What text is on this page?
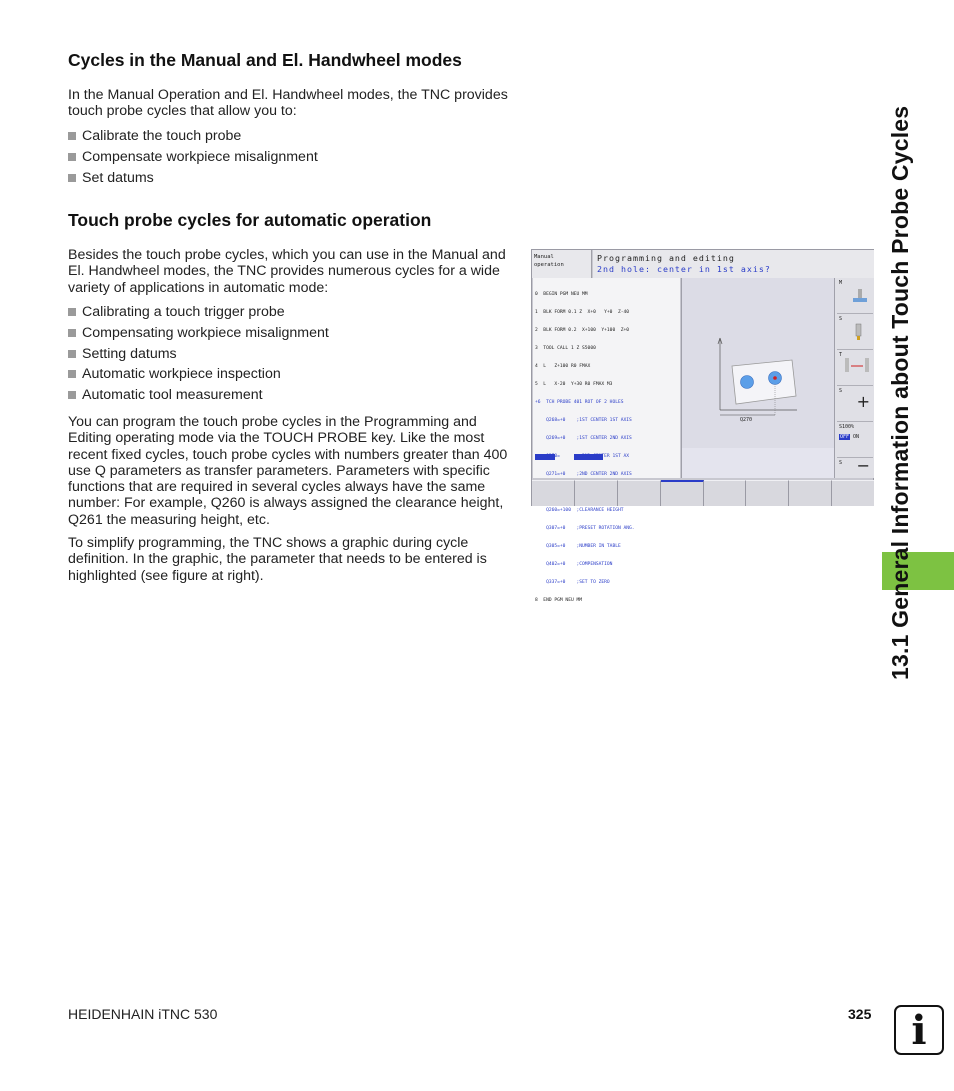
Cycles in the Manual and El. Handwheel modes
In the Manual Operation and El. Handwheel modes, the TNC provides
touch probe cycles that allow you to:
Calibrate the touch probe
Compensate workpiece misalignment
Set datums
Touch probe cycles for automatic operation
Besides the touch probe cycles, which you can use in the Manual and
El. Handwheel modes, the TNC provides numerous cycles for a wide
variety of applications in automatic mode:
Calibrating a touch trigger probe
Compensating workpiece misalignment
Setting datums
Automatic workpiece inspection
Automatic tool measurement
You can program the touch probe cycles in the Programming and
Editing operating mode via the TOUCH PROBE key. Like the most
recent fixed cycles, touch probe cycles with numbers greater than 400
use Q parameters as transfer parameters. Parameters with specific
functions that are required in several cycles always have the same
number: For example, Q260 is always assigned the clearance height,
Q261 the measuring height, etc.
To simplify programming, the TNC shows a graphic during cycle
definition. In the graphic, the parameter that needs to be entered is
highlighted (see figure at right).
Manual
operation
Programming and editing
2nd hole: center in 1st axis?

0  BEGIN PGM NEU MM

1  BLK FORM 0.1 Z  X+0   Y+0  Z-40

2  BLK FORM 0.2  X+100  Y+100  Z+0

3  TOOL CALL 1 Z S5000

4  L   Z+100 R0 FMAX

5  L   X-20  Y+30 R0 FMAX M3

+6  TCH PROBE 401 ROT OF 2 HOLES

Q268=+0    ;1ST CENTER 1ST AXIS

Q269=+0    ;1ST CENTER 2ND AXIS

Q270=       ;2ND CENTER 1ST AX

Q271=+0    ;2ND CENTER 2ND AXIS

Q260=+100  ;CLEARANCE HEIGHT

Q307=+0    ;PRESET ROTATION ANG.

Q305=+0    ;NUMBER IN TABLE

Q402=+0    ;COMPENSATION

Q337=+0    ;SET TO ZERO

8  END PGM NEU MM

Q270
M
S
T
S
+
S100%
OFF ON
S − 13.1 General Information about Touch Probe Cycles
HEIDENHAIN iTNC 530	325 i
